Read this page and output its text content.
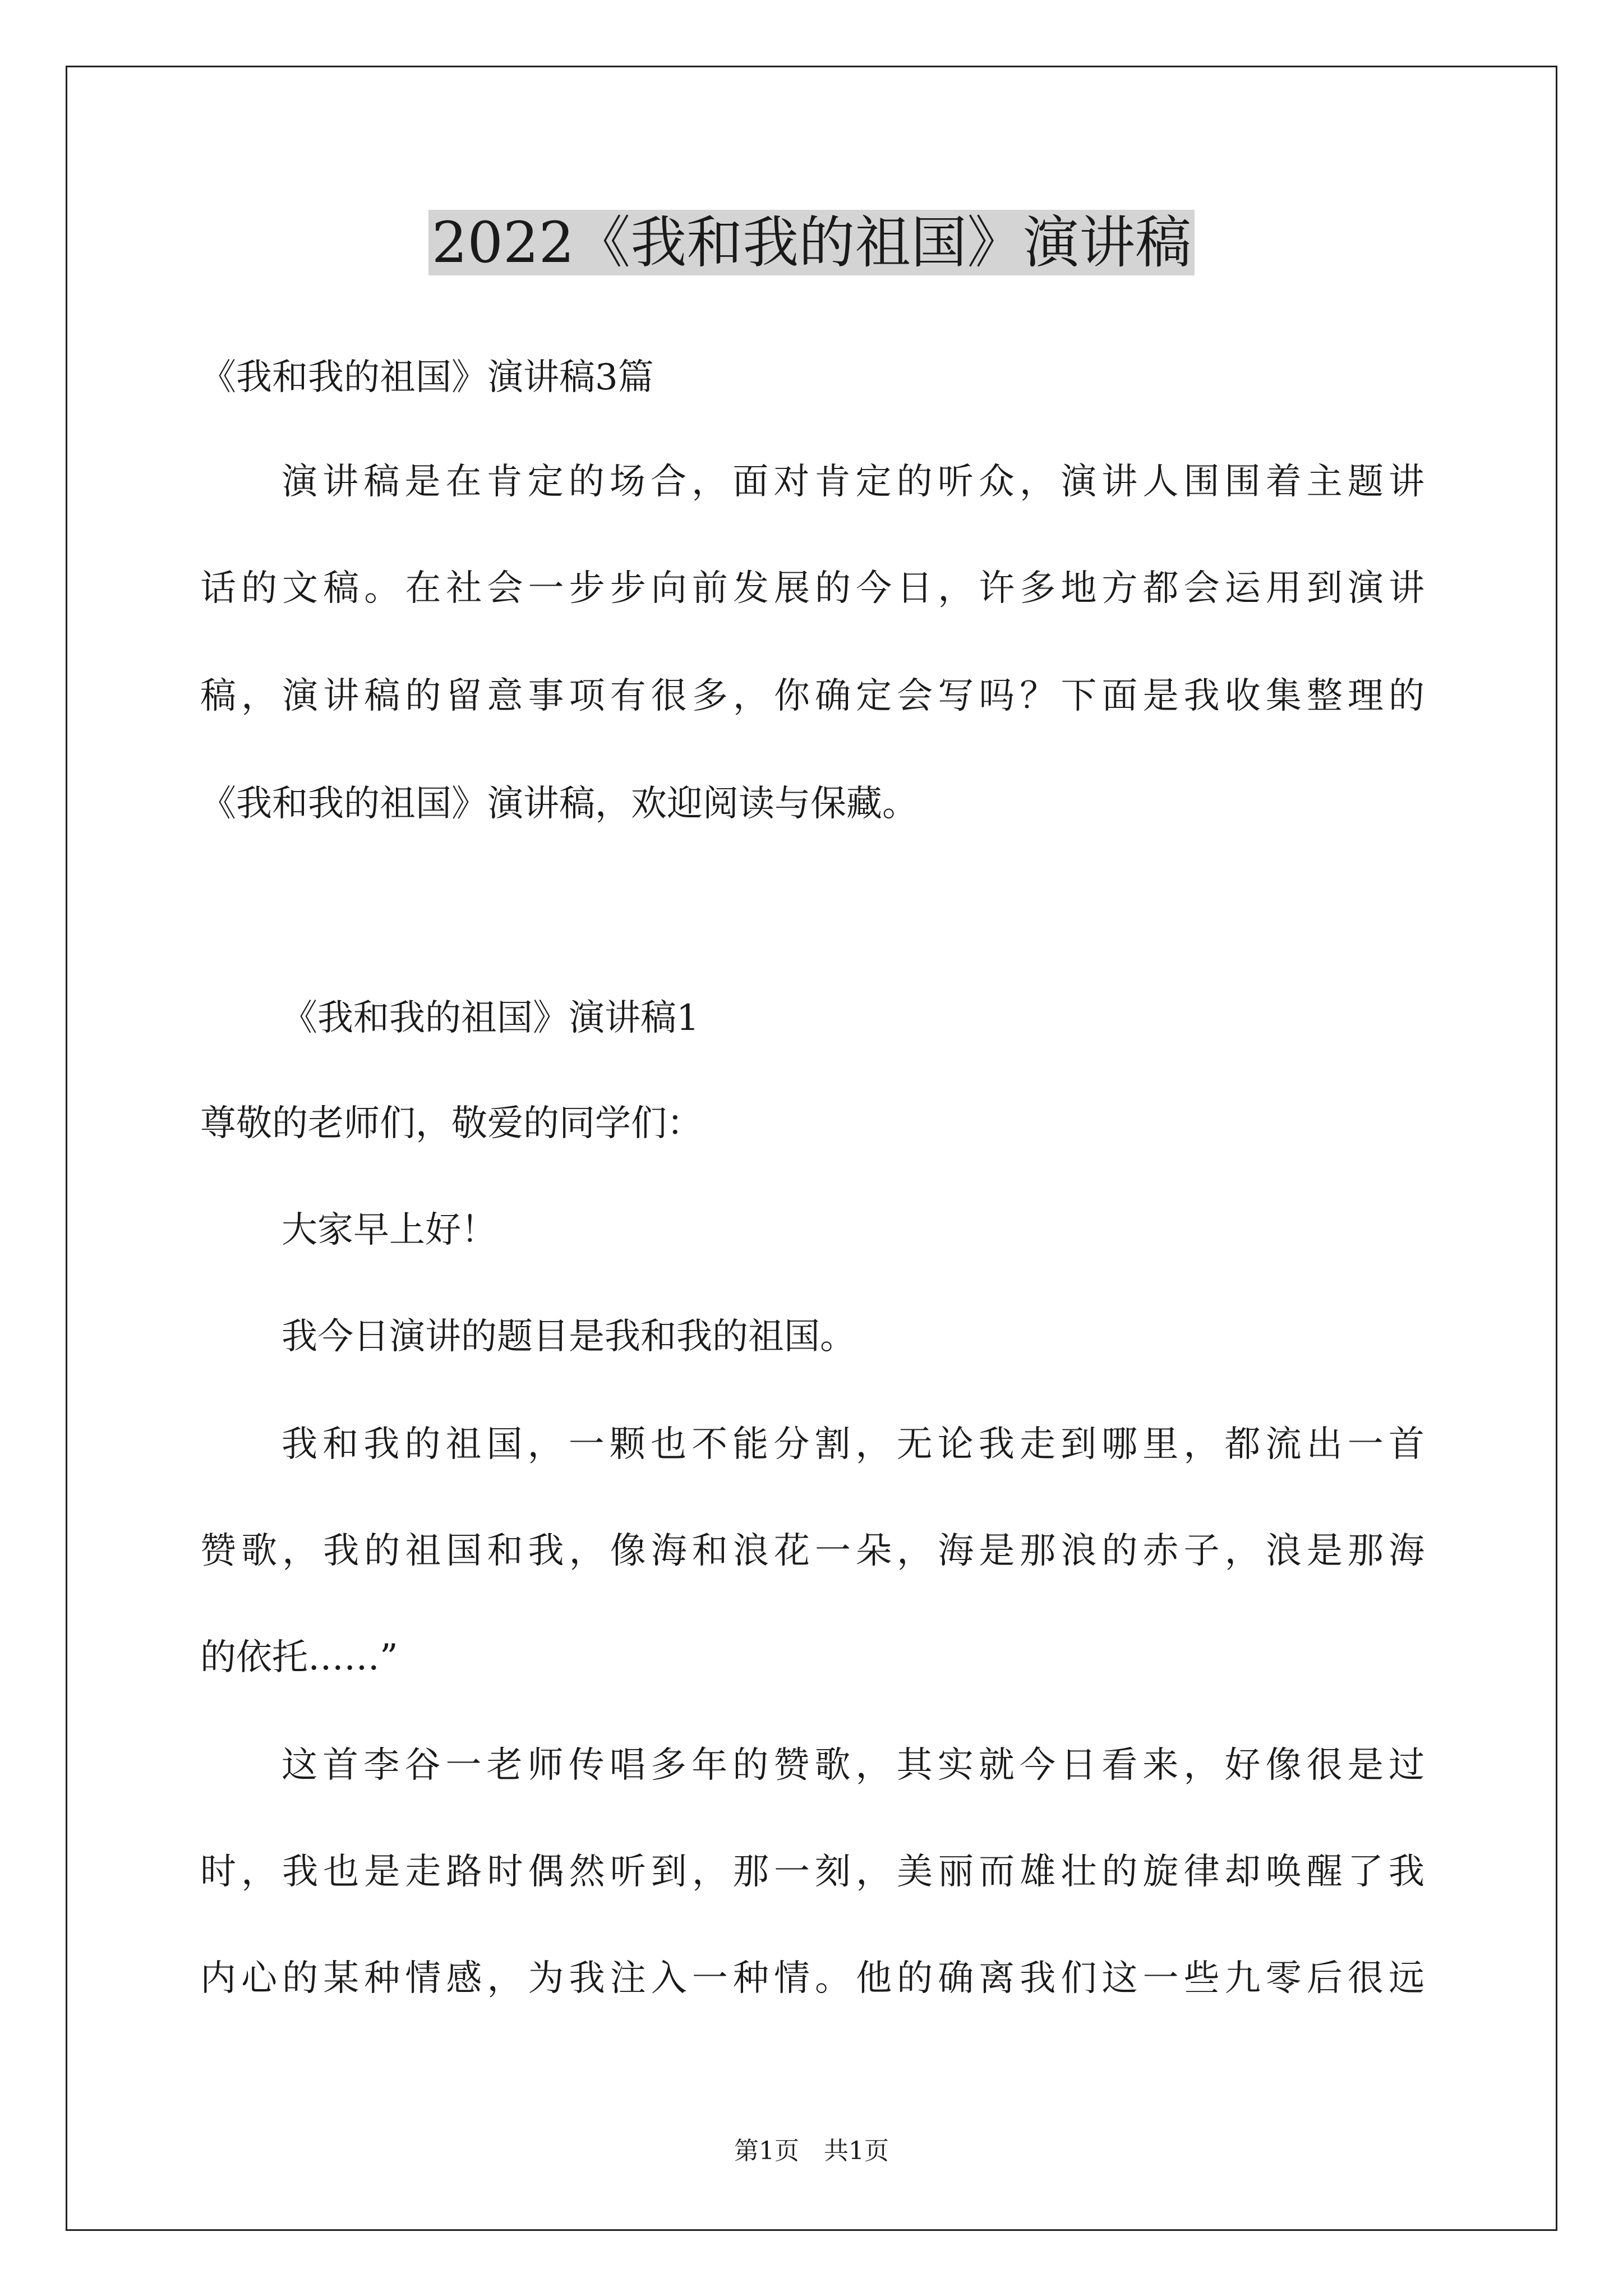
2022《我和我的祖国》演讲稿

《我和我的祖国》演讲稿3篇

演讲稿是在肯定的场合，面对肯定的听众，演讲人围围着主题讲

话的文稿。在社会一步步向前发展的今日，许多地方都会运用到演讲

稿，演讲稿的留意事项有很多，你确定会写吗？下面是我收集整理的

《我和我的祖国》演讲稿，欢迎阅读与保藏。

《我和我的祖国》演讲稿1

尊敬的老师们，敬爱的同学们：

大家早上好！

我今日演讲的题目是我和我的祖国。

我和我的祖国，一颗也不能分割，无论我走到哪里，都流出一首

赞歌，我的祖国和我，像海和浪花一朵，海是那浪的赤子，浪是那海

的依托……”

这首李谷一老师传唱多年的赞歌，其实就今日看来，好像很是过

时，我也是走路时偶然听到，那一刻，美丽而雄壮的旋律却唤醒了我

内心的某种情感，为我注入一种情。他的确离我们这一些九零后很远

第1页　共1页
